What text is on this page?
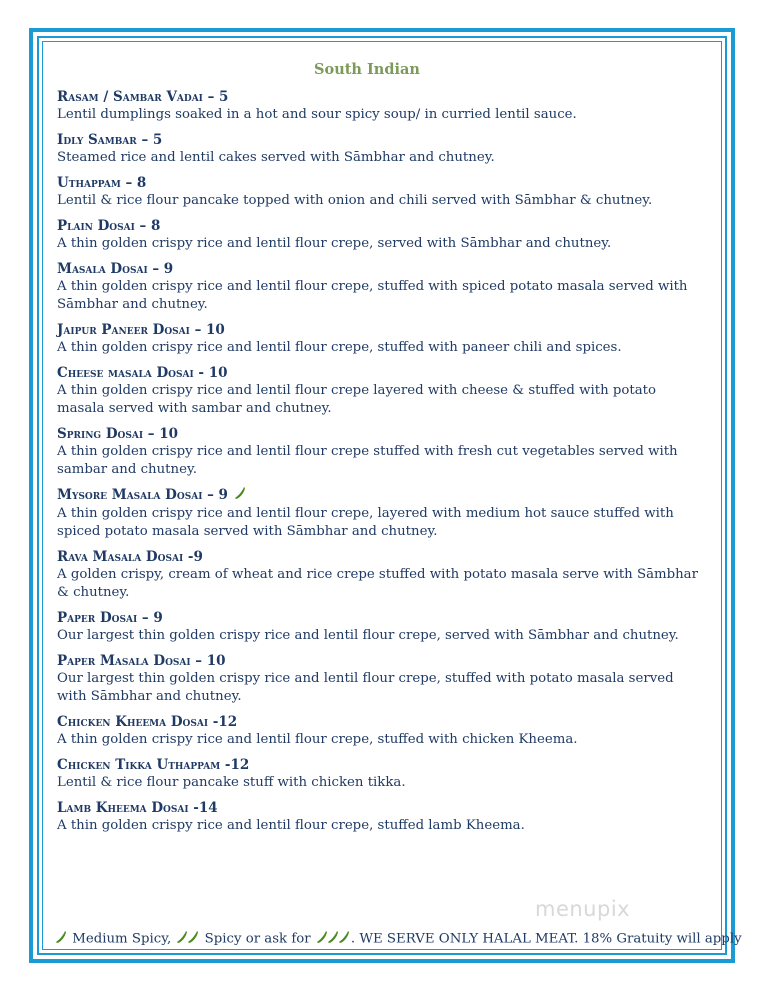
South Indian
Rasam / Sambar Vadai – 5
Lentil dumplings soaked in a hot and sour spicy soup/ in curried lentil sauce.
Idly Sambar – 5
Steamed rice and lentil cakes served with Sāmbhar and chutney.
Uthappam – 8
Lentil & rice flour pancake topped with onion and chili served with Sāmbhar & chutney.
Plain Dosai – 8
A thin golden crispy rice and lentil flour crepe, served with Sāmbhar and chutney.
Masala Dosai – 9
A thin golden crispy rice and lentil flour crepe, stuffed with spiced potato masala served with Sāmbhar and chutney.
Jaipur Paneer Dosai – 10
A thin golden crispy rice and lentil flour crepe, stuffed with paneer chili and spices.
Cheese masala Dosai - 10
A thin golden crispy rice and lentil flour crepe layered with cheese & stuffed with potato masala served with sambar and chutney.
Spring Dosai – 10
A thin golden crispy rice and lentil flour crepe stuffed with fresh cut vegetables served with sambar and chutney.
Mysore Masala Dosai – 9
A thin golden crispy rice and lentil flour crepe, layered with medium hot sauce stuffed with spiced potato masala served with Sāmbhar and chutney.
Rava Masala Dosai -9
A golden crispy, cream of wheat and rice crepe stuffed with potato masala serve with Sāmbhar & chutney.
Paper Dosai – 9
Our largest thin golden crispy rice and lentil flour crepe, served with Sāmbhar and chutney.
Paper Masala Dosai – 10
Our largest thin golden crispy rice and lentil flour crepe, stuffed with potato masala served with Sāmbhar and chutney.
Chicken Kheema Dosai -12
A thin golden crispy rice and lentil flour crepe, stuffed with chicken Kheema.
Chicken Tikka Uthappam -12
Lentil & rice flour pancake stuff with chicken tikka.
Lamb Kheema Dosai -14
A thin golden crispy rice and lentil flour crepe, stuffed lamb Kheema.
menupix
Medium Spicy,	Spicy or ask for	. WE SERVE ONLY HALAL MEAT. 18% Gratuity will apply
